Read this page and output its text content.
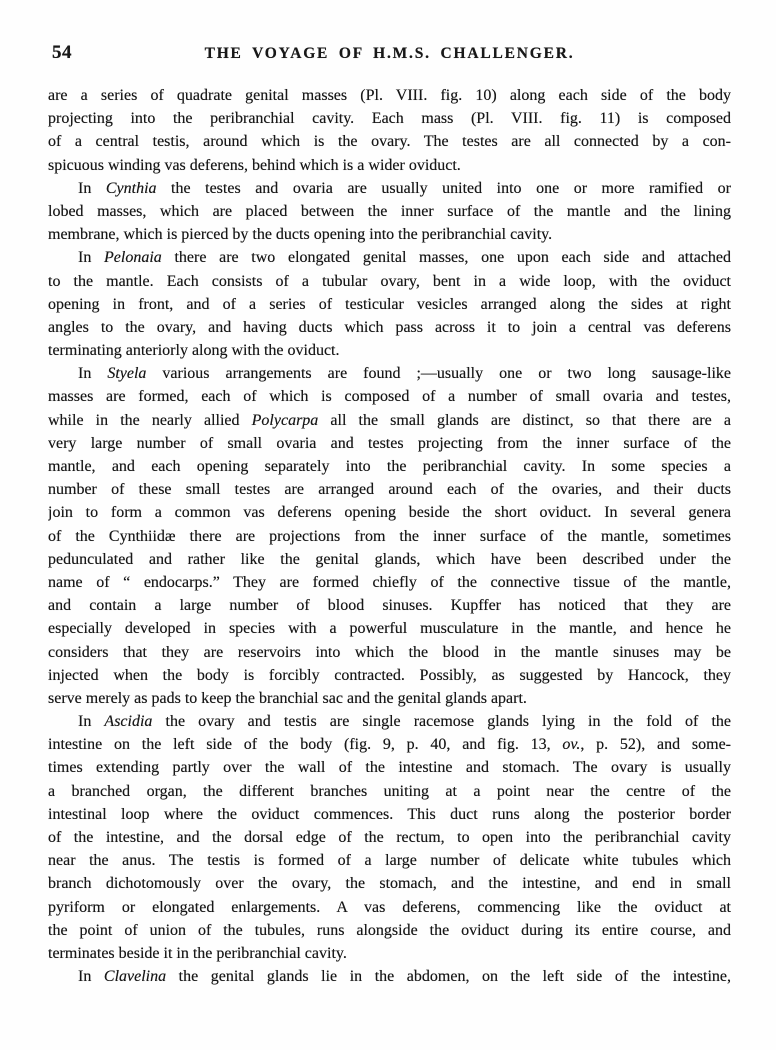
54	THE VOYAGE OF H.M.S. CHALLENGER.
are a series of quadrate genital masses (Pl. VIII. fig. 10) along each side of the body
projecting into the peribranchial cavity. Each mass (Pl. VIII. fig. 11) is composed
of a central testis, around which is the ovary. The testes are all connected by a con-
spicuous winding vas deferens, behind which is a wider oviduct.
In Cynthia the testes and ovaria are usually united into one or more ramified or
lobed masses, which are placed between the inner surface of the mantle and the lining
membrane, which is pierced by the ducts opening into the peribranchial cavity.
In Pelonaia there are two elongated genital masses, one upon each side and attached
to the mantle. Each consists of a tubular ovary, bent in a wide loop, with the oviduct
opening in front, and of a series of testicular vesicles arranged along the sides at right
angles to the ovary, and having ducts which pass across it to join a central vas deferens
terminating anteriorly along with the oviduct.
In Styela various arrangements are found ;—usually one or two long sausage-like
masses are formed, each of which is composed of a number of small ovaria and testes,
while in the nearly allied Polycarpa all the small glands are distinct, so that there are a
very large number of small ovaria and testes projecting from the inner surface of the
mantle, and each opening separately into the peribranchial cavity. In some species a
number of these small testes are arranged around each of the ovaries, and their ducts
join to form a common vas deferens opening beside the short oviduct. In several genera
of the Cynthiidæ there are projections from the inner surface of the mantle, sometimes
pedunculated and rather like the genital glands, which have been described under the
name of “ endocarps.” They are formed chiefly of the connective tissue of the mantle,
and contain a large number of blood sinuses. Kupffer has noticed that they are
especially developed in species with a powerful musculature in the mantle, and hence he
considers that they are reservoirs into which the blood in the mantle sinuses may be
injected when the body is forcibly contracted. Possibly, as suggested by Hancock, they
serve merely as pads to keep the branchial sac and the genital glands apart.
In Ascidia the ovary and testis are single racemose glands lying in the fold of the
intestine on the left side of the body (fig. 9, p. 40, and fig. 13, ov., p. 52), and some-
times extending partly over the wall of the intestine and stomach. The ovary is usually
a branched organ, the different branches uniting at a point near the centre of the
intestinal loop where the oviduct commences. This duct runs along the posterior border
of the intestine, and the dorsal edge of the rectum, to open into the peribranchial cavity
near the anus. The testis is formed of a large number of delicate white tubules which
branch dichotomously over the ovary, the stomach, and the intestine, and end in small
pyriform or elongated enlargements. A vas deferens, commencing like the oviduct at
the point of union of the tubules, runs alongside the oviduct during its entire course, and
terminates beside it in the peribranchial cavity.
In Clavelina the genital glands lie in the abdomen, on the left side of the intestine,
